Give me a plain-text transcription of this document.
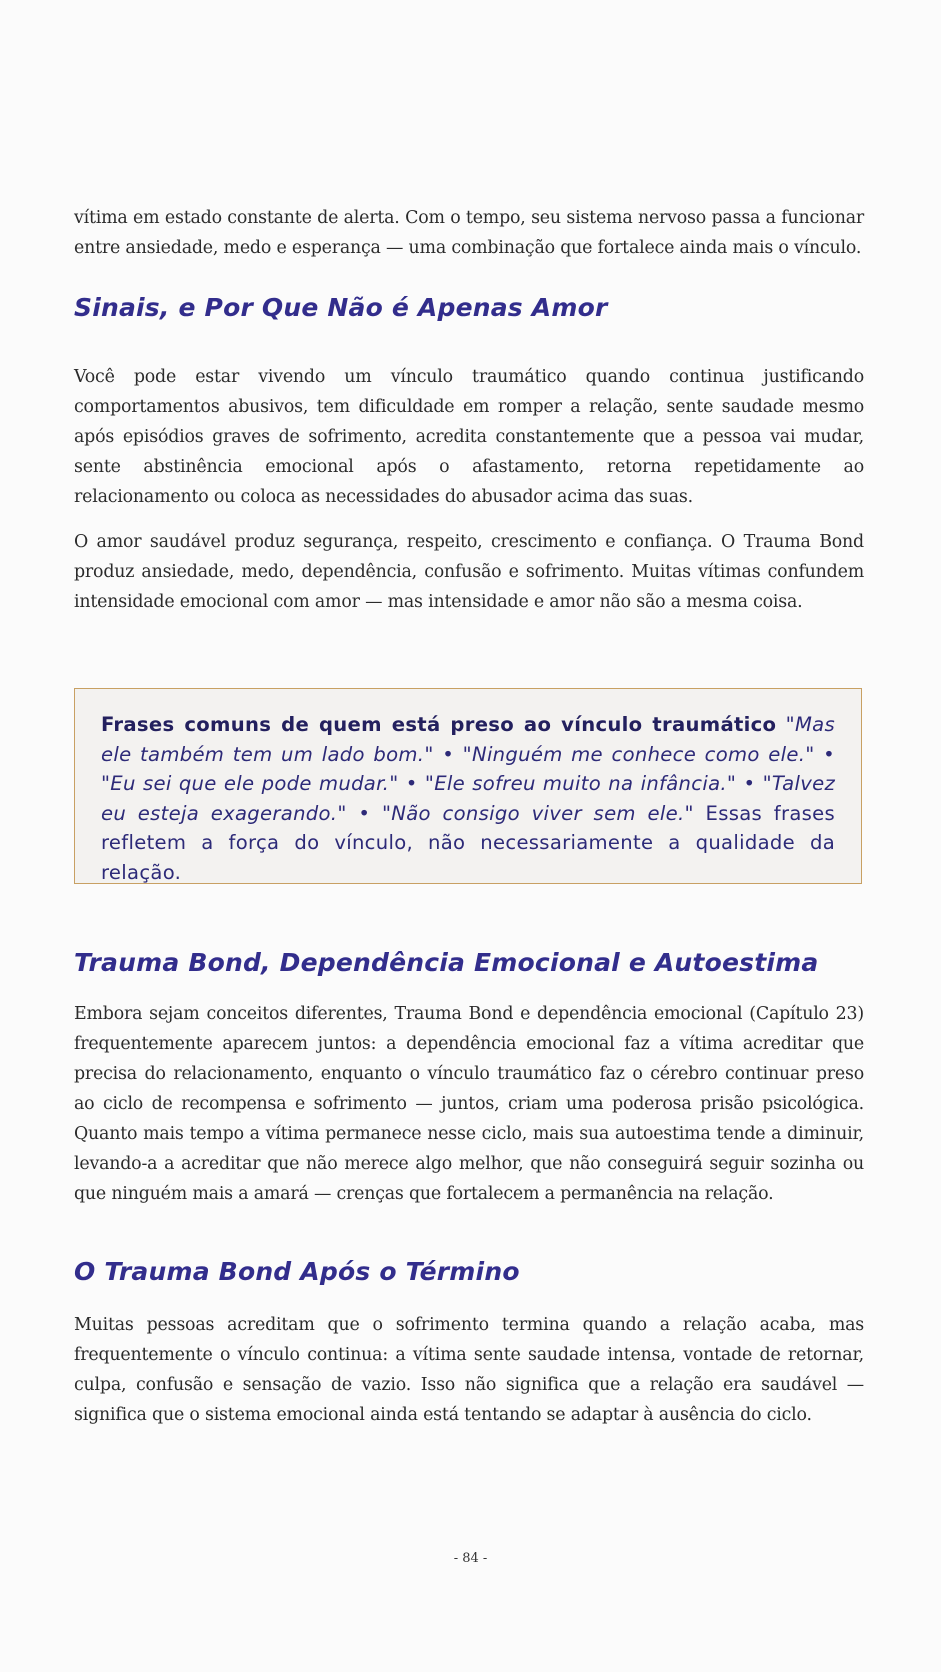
vítima em estado constante de alerta. Com o tempo, seu sistema nervoso passa a funcionar entre ansiedade, medo e esperança — uma combinação que fortalece ainda mais o vínculo.

Sinais, e Por Que Não é Apenas Amor

Você pode estar vivendo um vínculo traumático quando continua justificando comportamentos abusivos, tem dificuldade em romper a relação, sente saudade mesmo após episódios graves de sofrimento, acredita constantemente que a pessoa vai mudar, sente abstinência emocional após o afastamento, retorna repetidamente ao relacionamento ou coloca as necessidades do abusador acima das suas.

O amor saudável produz segurança, respeito, crescimento e confiança. O Trauma Bond produz ansiedade, medo, dependência, confusão e sofrimento. Muitas vítimas confundem intensidade emocional com amor — mas intensidade e amor não são a mesma coisa.

Frases comuns de quem está preso ao vínculo traumático "Mas ele também tem um lado bom." • "Ninguém me conhece como ele." • "Eu sei que ele pode mudar." • "Ele sofreu muito na infância." • "Talvez eu esteja exagerando." • "Não consigo viver sem ele." Essas frases refletem a força do vínculo, não necessariamente a qualidade da relação.

Trauma Bond, Dependência Emocional e Autoestima

Embora sejam conceitos diferentes, Trauma Bond e dependência emocional (Capítulo 23) frequentemente aparecem juntos: a dependência emocional faz a vítima acreditar que precisa do relacionamento, enquanto o vínculo traumático faz o cérebro continuar preso ao ciclo de recompensa e sofrimento — juntos, criam uma poderosa prisão psicológica. Quanto mais tempo a vítima permanece nesse ciclo, mais sua autoestima tende a diminuir, levando-a a acreditar que não merece algo melhor, que não conseguirá seguir sozinha ou que ninguém mais a amará — crenças que fortalecem a permanência na relação.

O Trauma Bond Após o Término

Muitas pessoas acreditam que o sofrimento termina quando a relação acaba, mas frequentemente o vínculo continua: a vítima sente saudade intensa, vontade de retornar, culpa, confusão e sensação de vazio. Isso não significa que a relação era saudável — significa que o sistema emocional ainda está tentando se adaptar à ausência do ciclo.

- 84 -
